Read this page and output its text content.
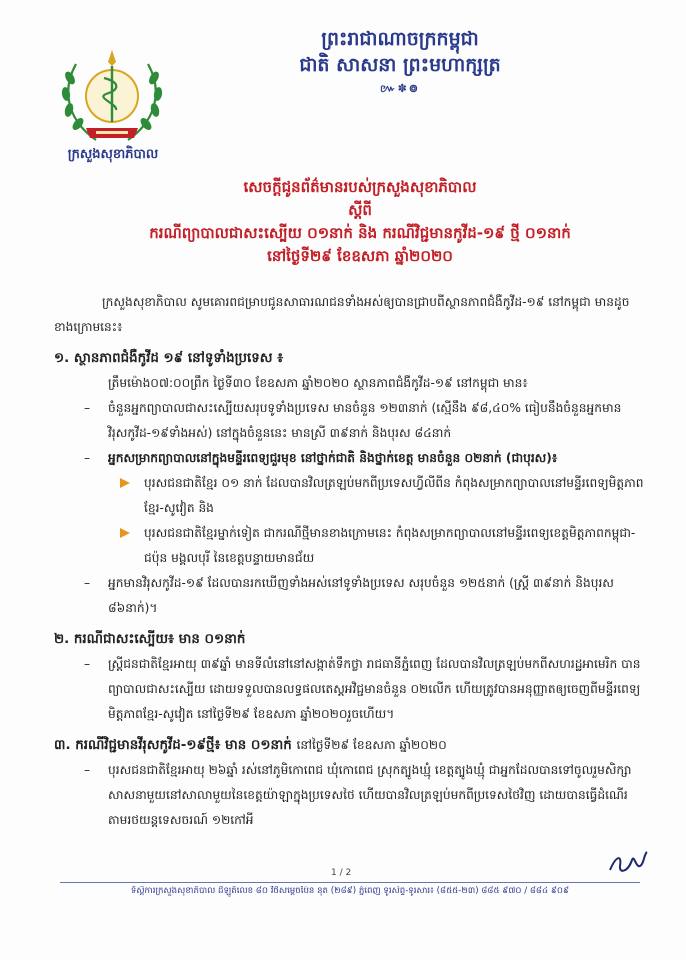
ក្រសួងសុខាភិបាល
ព្រះរាជាណាចក្រកម្ពុជា
ជាតិ សាសនា ព្រះមហាក្សត្រ
៚✽៙
សេចក្ដីជូនព័ត៌មានរបស់ក្រសួងសុខាភិបាល
ស្ដីពី
ករណីព្យាបាលជាសះស្បើយ ០១នាក់ និង ករណីវិជ្ជមានកូវីដ-១៩ ថ្មី ០១នាក់
នៅថ្ងៃទី២៩ ខែឧសភា ឆ្នាំ២០២០

ក្រសួងសុខាភិបាល សូមគោរពជម្រាបជូនសាធារណជនទាំងអស់ឲ្យបានជ្រាបពីស្ថានភាពជំងឺកូវីដ-១៩ នៅកម្ពុជា មានដូចខាងក្រោមនេះ៖

១. ស្ថានភាពជំងឺកូវីដ ១៩ នៅទូទាំងប្រទេស ៖

ត្រឹមម៉ោង០៧:០០ព្រឹក ថ្ងៃទី៣០ ខែឧសភា ឆ្នាំ២០២០ ស្ថានភាពជំងឺកូវីដ-១៩ នៅកម្ពុជា មាន៖

– ចំនួនអ្នកព្យាបាលជាសះស្បើយសរុបទូទាំងប្រទេស មានចំនួន ១២៣នាក់ (ស្មើនឹង ៩៨,៤០% ធៀបនឹងចំនួនអ្នកមានវិរុសកូវីដ-១៩ទាំងអស់) នៅក្នុងចំនួននេះ មានស្រី ៣៩នាក់ និងបុរស ៨៤នាក់
– អ្នកសម្រាកព្យាបាលនៅក្នុងមន្ទីរពេទ្យជួរមុខ នៅថ្នាក់ជាតិ និងថ្នាក់ខេត្ត មានចំនួន ០២នាក់ (ជាបុរស)៖
បុរសជនជាតិខ្មែរ ០១ នាក់ ដែលបានវិលត្រឡប់មកពីប្រទេសហ្វីលីពីន កំពុងសម្រាកព្យាបាលនៅមន្ទីរពេទ្យមិត្តភាពខ្មែរ-សូវៀត និង
បុរសជនជាតិខ្មែរម្នាក់ទៀត ជាករណីថ្មីមានខាងក្រោមនេះ កំពុងសម្រាកព្យាបាលនៅមន្ទីរពេទ្យខេត្តមិត្តភាពកម្ពុជា-ជប៉ុន មង្គលបុរី នៃខេត្តបន្ទាយមានជ័យ
– អ្នកមានវិរុសកូវីដ-១៩ ដែលបានរកឃើញទាំងអស់នៅទូទាំងប្រទេស សរុបចំនួន ១២៥នាក់ (ស្ត្រី ៣៩នាក់ និងបុរស ៨៦នាក់)។

២. ករណីជាសះស្បើយ៖ មាន ០១នាក់

– ស្ត្រីជនជាតិខ្មែរអាយុ ៣៩ឆ្នាំ មានទីលំនៅនៅសង្កាត់ទឹកថ្លា រាជធានីភ្នំពេញ ដែលបានវិលត្រឡប់មកពីសហរដ្ឋអាមេរិក បានព្យាបាលជាសះស្បើយ ដោយទទួលបានលទ្ធផលតេស្តអវិជ្ជមានចំនួន ០២លើក ហើយត្រូវបានអនុញ្ញាតឲ្យចេញពីមន្ទីរពេទ្យមិត្តភាពខ្មែរ-សូវៀត នៅថ្ងៃទី២៩ ខែឧសភា ឆ្នាំ២០២០រួចហើយ។

៣. ករណីវិជ្ជមានវីរុសកូវីដ-១៩ថ្មី៖ មាន ០១នាក់ នៅថ្ងៃទី២៩ ខែឧសភា ឆ្នាំ២០២០

– បុរសជនជាតិខ្មែរអាយុ ២៦ឆ្នាំ រស់នៅភូមិកោពេជ ឃុំកោពេជ ស្រុកត្បូងឃ្មុំ ខេត្តត្បូងឃ្មុំ ជាអ្នកដែលបានទៅចូលរួមសិក្សាសាសនាមួយនៅសាលាមួយនៃខេត្តយ៉ាឡាក្នុងប្រទេសថៃ ហើយបានវិលត្រឡប់មកពីប្រទេសថៃវិញ ដោយបានធ្វើដំណើរតាមរថយន្តទេសចរណ៍ ១២កៅអី
1 / 2
ទីស្តីការក្រសួងសុខាភិបាល ដីឡូតិ៍លេខ ៨០ វិថីសម្ដេចប៉ែន នុត (២៨៩) ភ្នំពេញ ទូរស័ព្ទ-ទូរសារ៖ (៨៥៥-២៣) ៨៨៥ ៩៧០ / ៨៨៤ ៩០៩
